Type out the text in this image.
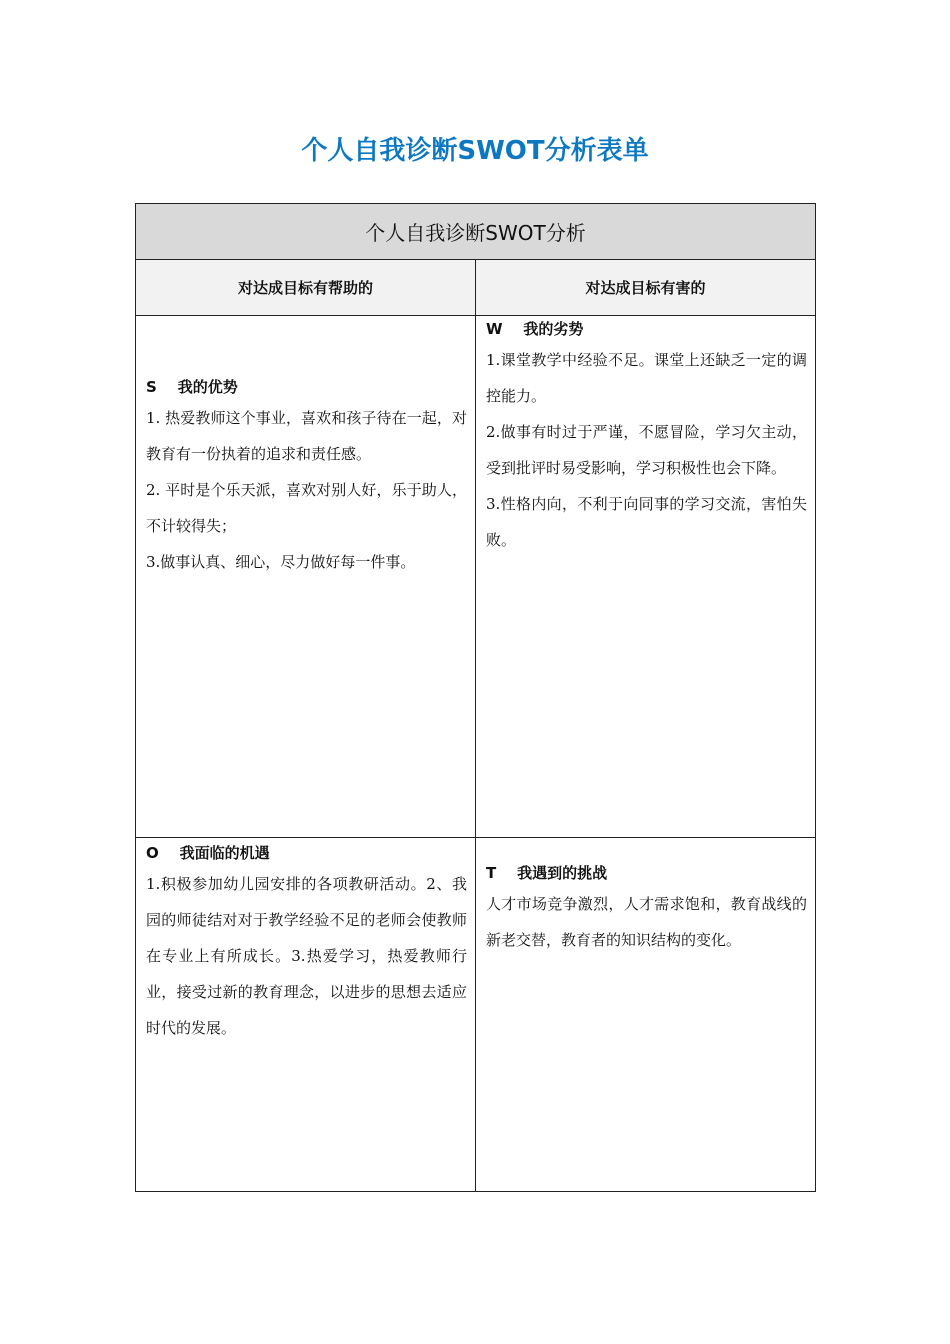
个人自我诊断SWOT分析表单
个人自我诊断SWOT分析
对达成目标有帮助的	对达成目标有害的
S    我的优势

1. 热爱教师这个事业，喜欢和孩子待在一起，对教育有一份执着的追求和责任感。

2. 平时是个乐天派，喜欢对别人好，乐于助人，不计较得失；

3.做事认真、细心，尽力做好每一件事。

W    我的劣势

1.课堂教学中经验不足。课堂上还缺乏一定的调控能力。

2.做事有时过于严谨，不愿冒险，学习欠主动，受到批评时易受影响，学习积极性也会下降。

3.性格内向，不利于向同事的学习交流，害怕失败。

O    我面临的机遇

1.积极参加幼儿园安排的各项教研活动。2、我园的师徒结对对于教学经验不足的老师会使教师在专业上有所成长。3.热爱学习，热爱教师行业，接受过新的教育理念，以进步的思想去适应时代的发展。

T    我遇到的挑战

人才市场竞争激烈，人才需求饱和，教育战线的新老交替，教育者的知识结构的变化。
